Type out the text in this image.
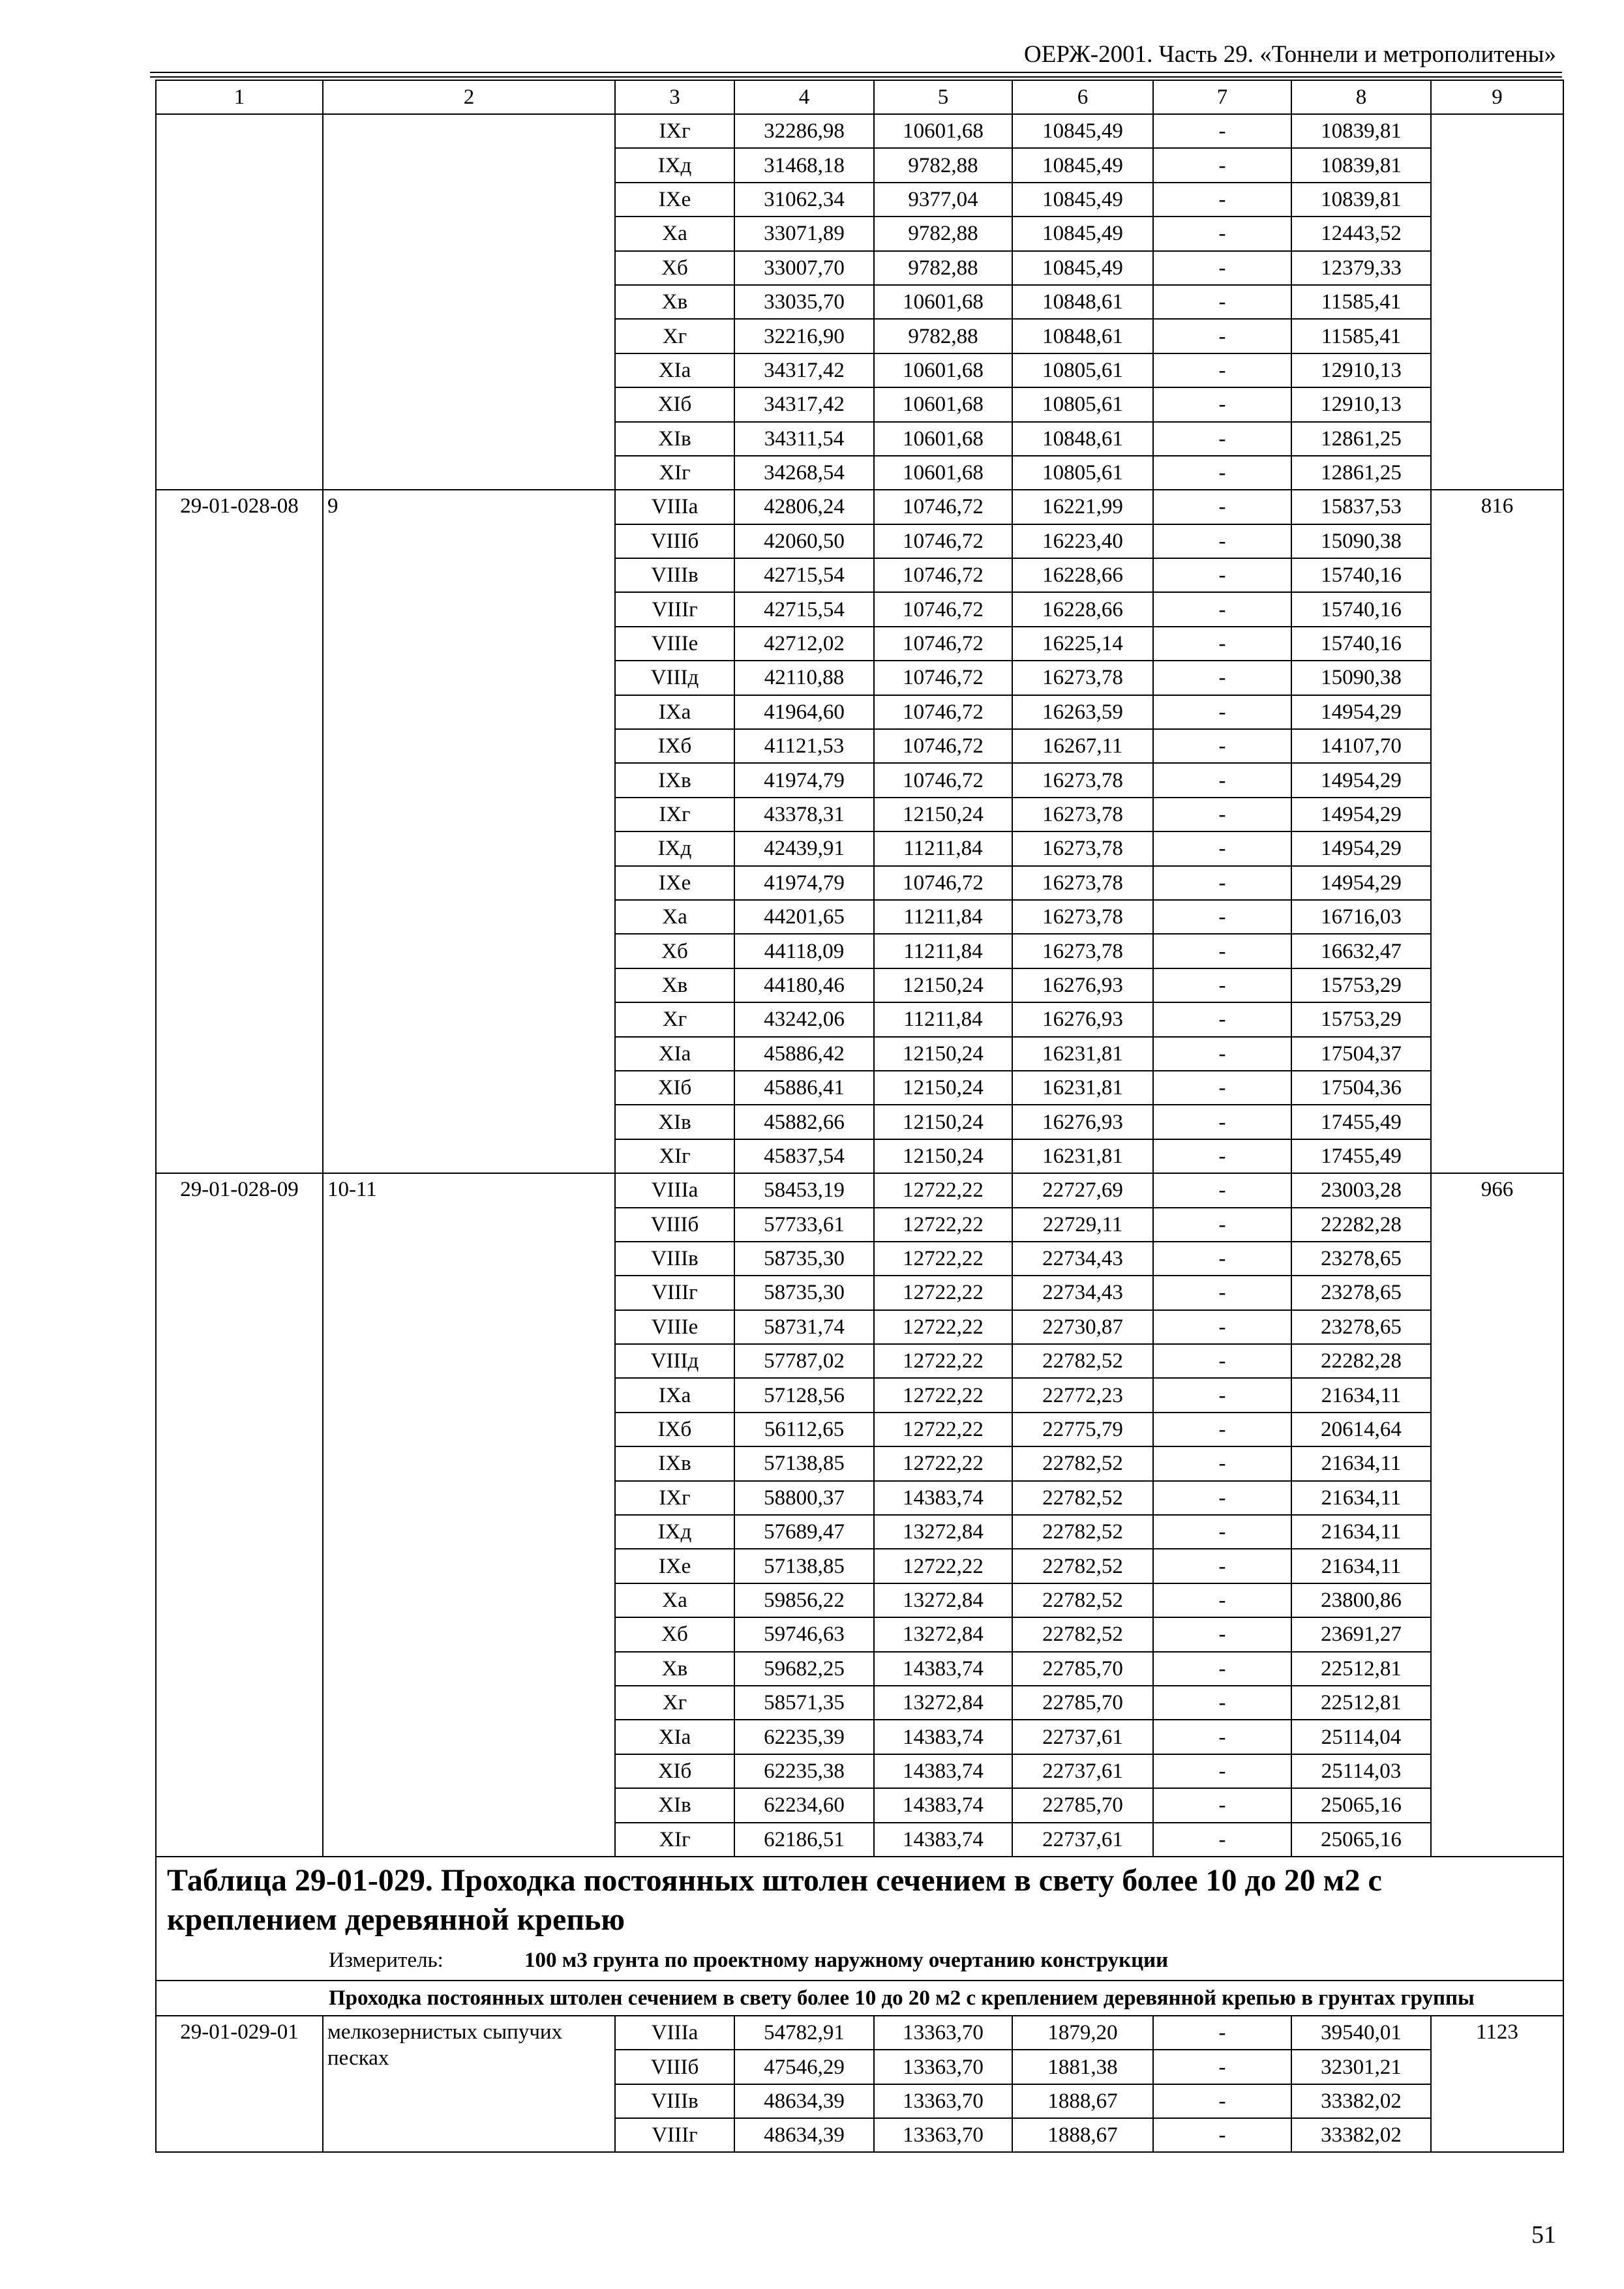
ОЕРЖ-2001. Часть 29. «Тоннели и метрополитены»
1	2	3	4	5	6	7	8	9
		IXг	32286,98	10601,68	10845,49	-	10839,81	
		IXд	31468,18	9782,88	10845,49	-	10839,81	
		IXе	31062,34	9377,04	10845,49	-	10839,81	
		Xа	33071,89	9782,88	10845,49	-	12443,52	
		Xб	33007,70	9782,88	10845,49	-	12379,33	
		Xв	33035,70	10601,68	10848,61	-	11585,41	
		Xг	32216,90	9782,88	10848,61	-	11585,41	
		XIа	34317,42	10601,68	10805,61	-	12910,13	
		XIб	34317,42	10601,68	10805,61	-	12910,13	
		XIв	34311,54	10601,68	10848,61	-	12861,25	
		XIг	34268,54	10601,68	10805,61	-	12861,25	
29-01-028-08	9	VIIIа	42806,24	10746,72	16221,99	-	15837,53	816
		VIIIб	42060,50	10746,72	16223,40	-	15090,38	
		VIIIв	42715,54	10746,72	16228,66	-	15740,16	
		VIIIг	42715,54	10746,72	16228,66	-	15740,16	
		VIIIе	42712,02	10746,72	16225,14	-	15740,16	
		VIIIд	42110,88	10746,72	16273,78	-	15090,38	
		IXа	41964,60	10746,72	16263,59	-	14954,29	
		IXб	41121,53	10746,72	16267,11	-	14107,70	
		IXв	41974,79	10746,72	16273,78	-	14954,29	
		IXг	43378,31	12150,24	16273,78	-	14954,29	
		IXд	42439,91	11211,84	16273,78	-	14954,29	
		IXе	41974,79	10746,72	16273,78	-	14954,29	
		Xа	44201,65	11211,84	16273,78	-	16716,03	
		Xб	44118,09	11211,84	16273,78	-	16632,47	
		Xв	44180,46	12150,24	16276,93	-	15753,29	
		Xг	43242,06	11211,84	16276,93	-	15753,29	
		XIа	45886,42	12150,24	16231,81	-	17504,37	
		XIб	45886,41	12150,24	16231,81	-	17504,36	
		XIв	45882,66	12150,24	16276,93	-	17455,49	
		XIг	45837,54	12150,24	16231,81	-	17455,49	
29-01-028-09	10-11	VIIIа	58453,19	12722,22	22727,69	-	23003,28	966
		VIIIб	57733,61	12722,22	22729,11	-	22282,28	
		VIIIв	58735,30	12722,22	22734,43	-	23278,65	
		VIIIг	58735,30	12722,22	22734,43	-	23278,65	
		VIIIе	58731,74	12722,22	22730,87	-	23278,65	
		VIIIд	57787,02	12722,22	22782,52	-	22282,28	
		IXа	57128,56	12722,22	22772,23	-	21634,11	
		IXб	56112,65	12722,22	22775,79	-	20614,64	
		IXв	57138,85	12722,22	22782,52	-	21634,11	
		IXг	58800,37	14383,74	22782,52	-	21634,11	
		IXд	57689,47	13272,84	22782,52	-	21634,11	
		IXе	57138,85	12722,22	22782,52	-	21634,11	
		Xа	59856,22	13272,84	22782,52	-	23800,86	
		Xб	59746,63	13272,84	22782,52	-	23691,27	
		Xв	59682,25	14383,74	22785,70	-	22512,81	
		Xг	58571,35	13272,84	22785,70	-	22512,81	
		XIа	62235,39	14383,74	22737,61	-	25114,04	
		XIб	62235,38	14383,74	22737,61	-	25114,03	
		XIв	62234,60	14383,74	22785,70	-	25065,16	
		XIг	62186,51	14383,74	22737,61	-	25065,16	

Таблица 29-01-029. Проходка постоянных штолен сечением в свету более 10 до 20 м2 с креплением деревянной крепью
Измеритель: 100 м3 грунта по проектному наружному очертанию конструкции								

Проходка постоянных штолен сечением в свету более 10 до 20 м2 с креплением деревянной крепью в грунтах группы								

29-01-029-01	мелкозернистых сыпучих песках	VIIIа	54782,91	13363,70	1879,20	-	39540,01	1123
		VIIIб	47546,29	13363,70	1881,38	-	32301,21	
		VIIIв	48634,39	13363,70	1888,67	-	33382,02	
		VIIIг	48634,39	13363,70	1888,67	-	33382,02	
51
